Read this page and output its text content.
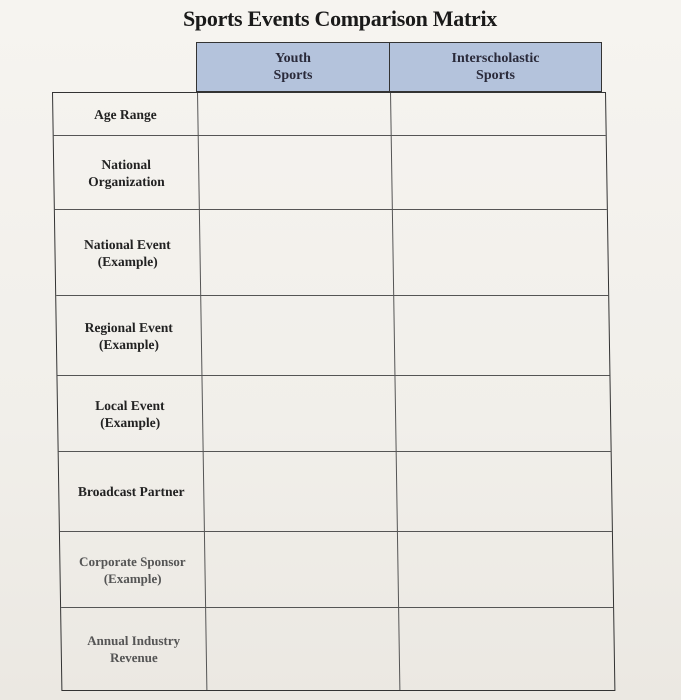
Sports Events Comparison Matrix
Youth
Sports
Interscholastic
Sports
Age Range
National
Organization
National Event
(Example)
Regional Event
(Example)
Local Event
(Example)
Broadcast Partner
Corporate Sponsor
(Example)
Annual Industry
Revenue
